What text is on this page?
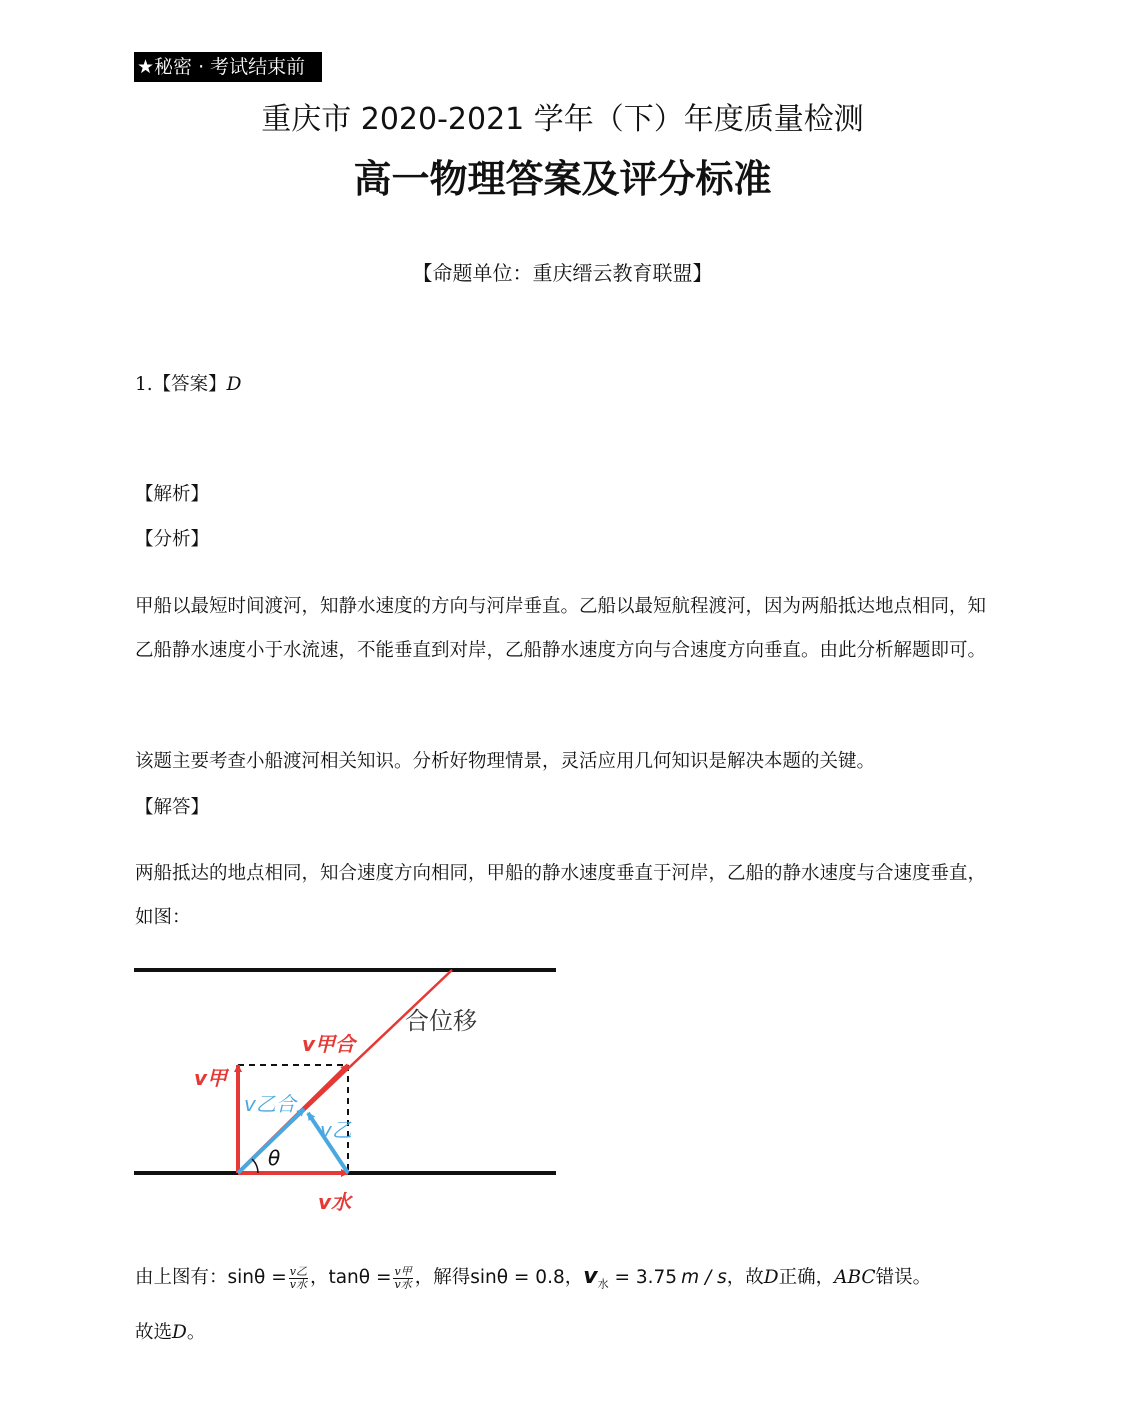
★秘密 · 考试结束前
重庆市 2020-2021 学年（下）年度质量检测
高一物理答案及评分标准
【命题单位：重庆缙云教育联盟】
1.【答案】D
【解析】
【分析】
甲船以最短时间渡河，知静水速度的方向与河岸垂直。乙船以最短航程渡河，因为两船抵达地点相同，知乙船静水速度小于水流速，不能垂直到对岸，乙船静水速度方向与合速度方向垂直。由此分析解题即可。
该题主要考查小船渡河相关知识。分析好物理情景，灵活应用几何知识是解决本题的关键。
【解答】
两船抵达的地点相同，知合速度方向相同，甲船的静水速度垂直于河岸，乙船的静水速度与合速度垂直，如图：
合位移
v甲合
v甲
v乙合
v乙
θ
v水
由上图有：$\sin\theta = \frac{\text{v乙}}{\text{v水}}$ ，$\tan\theta = \frac{\text{v甲}}{\text{v水}}$ ，解得sinθ = 0.8，$v_水 = 3.75$ m / s，故D正确，ABC错误。
故选D。
